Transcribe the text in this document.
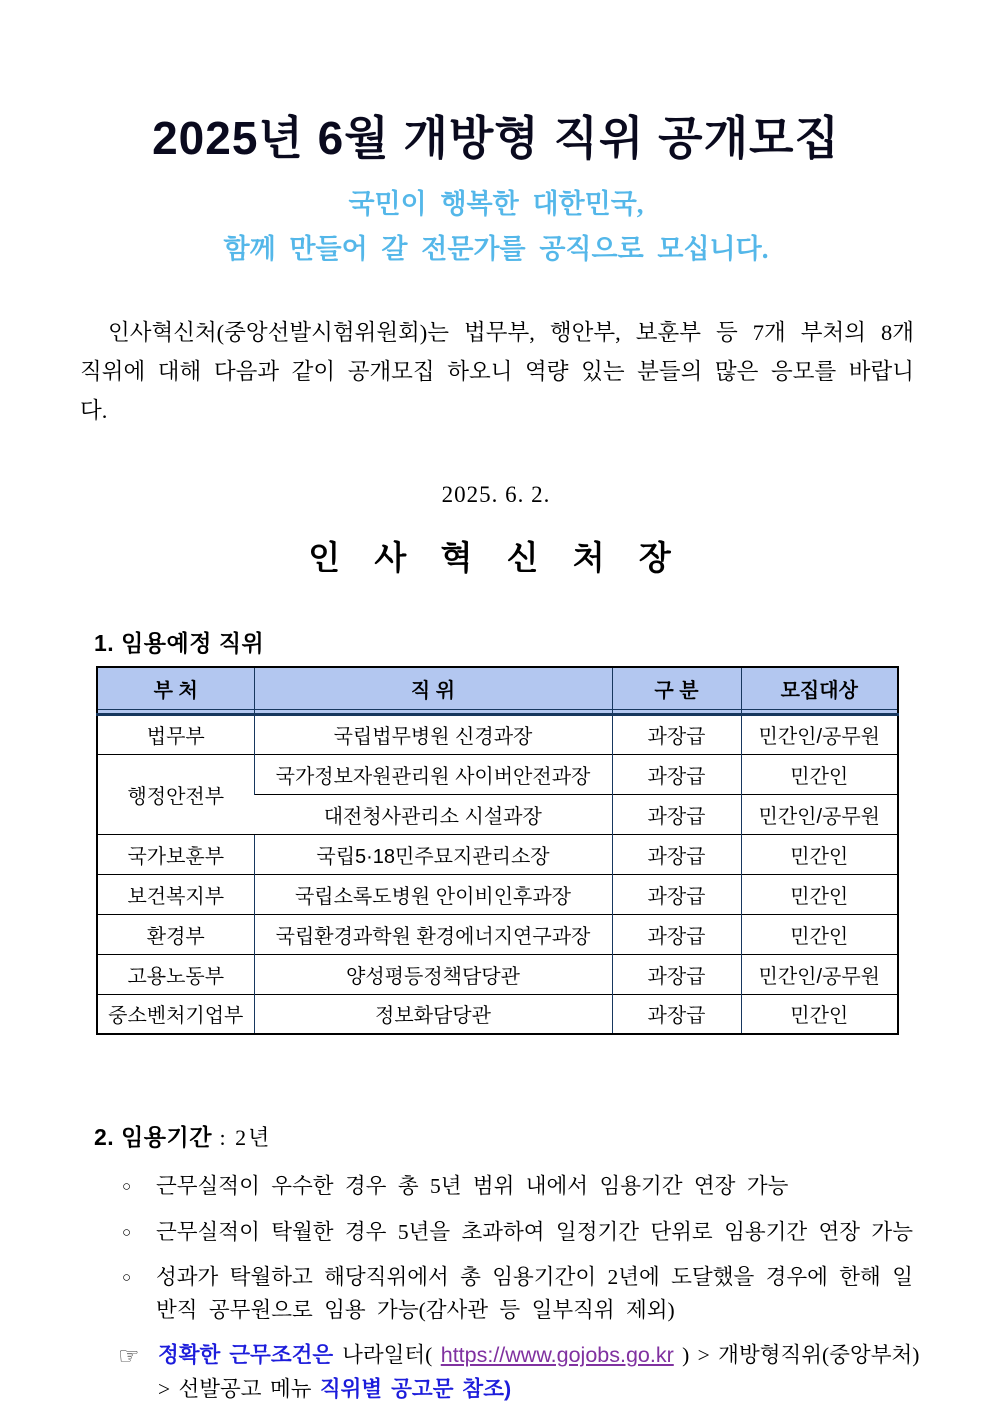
2025년 6월 개방형 직위 공개모집
국민이 행복한 대한민국,
함께 만들어 갈 전문가를 공직으로 모십니다.

인사혁신처(중앙선발시험위원회)는 법무부, 행안부, 보훈부 등 7개 부처의 8개 직위에 대해 다음과 같이 공개모집 하오니 역량 있는 분들의 많은 응모를 바랍니다.

2025. 6. 2.
인 사 혁 신 처 장
1. 임용예정 직위
부 처	직 위	구 분	모집대상

법무부	국립법무병원 신경과장	과장급	민간인/공무원
행정안전부	국가정보자원관리원 사이버안전과장	과장급	민간인
	대전청사관리소 시설과장	과장급	민간인/공무원
국가보훈부	국립5·18민주묘지관리소장	과장급	민간인
보건복지부	국립소록도병원 안이비인후과장	과장급	민간인
환경부	국립환경과학원 환경에너지연구과장	과장급	민간인
고용노동부	양성평등정책담당관	과장급	민간인/공무원
중소벤처기업부	정보화담당관	과장급	민간인
2. 임용기간 : 2년
○	근무실적이 우수한 경우 총 5년 범위 내에서 임용기간 연장 가능
○	근무실적이 탁월한 경우 5년을 초과하여 일정기간 단위로 임용기간 연장 가능
○	성과가 탁월하고 해당직위에서 총 임용기간이 2년에 도달했을 경우에 한해 일반직 공무원으로 임용 가능(감사관 등 일부직위 제외)
☞ 정확한 근무조건은 나라일터( https://www.gojobs.go.kr ) > 개방형직위(중앙부처) > 선발공고 메뉴 직위별 공고문 참조)
